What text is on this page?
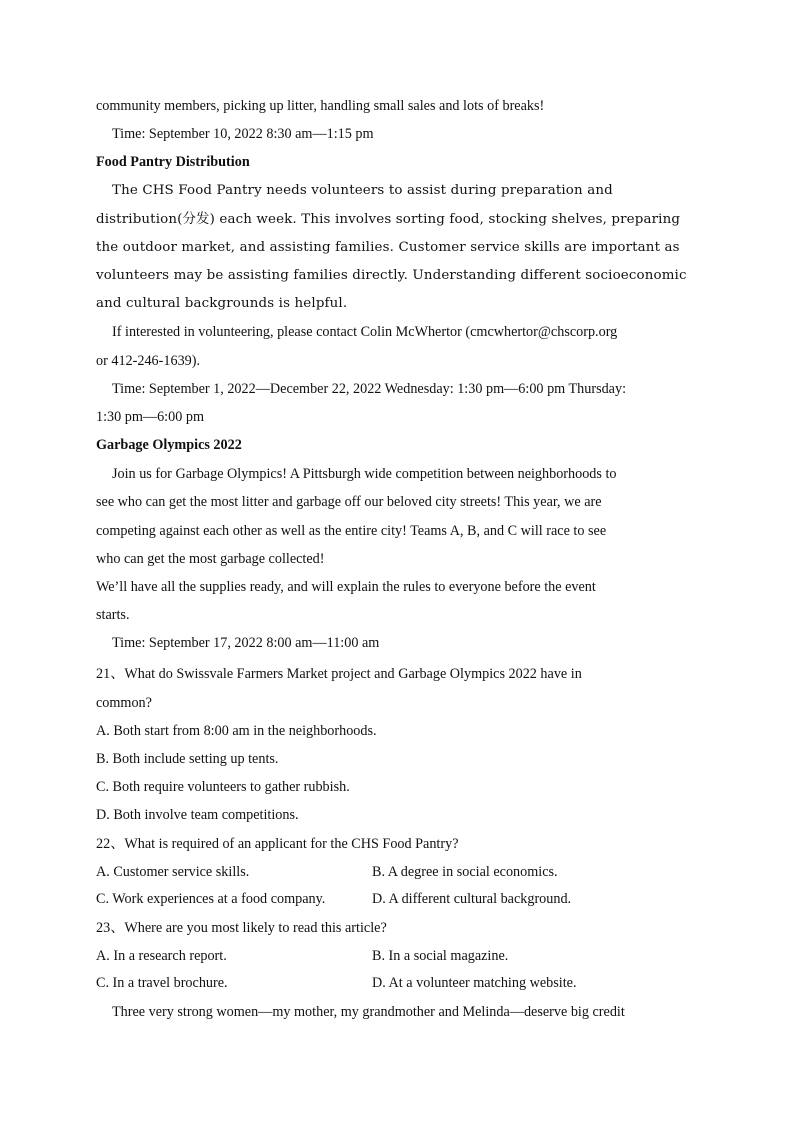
community members, picking up litter, handling small sales and lots of breaks!

Time: September 10, 2022 8:30 am—1:15 pm

Food Pantry Distribution

The CHS Food Pantry needs volunteers to assist during preparation and

distribution(分发) each week. This involves sorting food, stocking shelves, preparing

the outdoor market, and assisting families. Customer service skills are important as

volunteers may be assisting families directly. Understanding different socioeconomic

and cultural backgrounds is helpful.

If interested in volunteering, please contact Colin McWhertor (cmcwhertor@chscorp.org

or 412-246-1639).

Time: September 1, 2022—December 22, 2022 Wednesday: 1:30 pm—6:00 pm Thursday:

1:30 pm—6:00 pm

Garbage Olympics 2022

Join us for Garbage Olympics! A Pittsburgh wide competition between neighborhoods to

see who can get the most litter and garbage off our beloved city streets! This year, we are

competing against each other as well as the entire city! Teams A, B, and C will race to see

who can get the most garbage collected!

We’ll have all the supplies ready, and will explain the rules to everyone before the event

starts.

Time: September 17, 2022 8:00 am—11:00 am

21、What do Swissvale Farmers Market project and Garbage Olympics 2022 have in

common?

A. Both start from 8:00 am in the neighborhoods.

B. Both include setting up tents.

C. Both require volunteers to gather rubbish.

D. Both involve team competitions.

22、What is required of an applicant for the CHS Food Pantry?

A. Customer service skills.	B. A degree in social economics.
C. Work experiences at a food company.	D. A different cultural background.

23、Where are you most likely to read this article?

A. In a research report.	B. In a social magazine.
C. In a travel brochure.	D. At a volunteer matching website.

Three very strong women—my mother, my grandmother and Melinda—deserve big credit
